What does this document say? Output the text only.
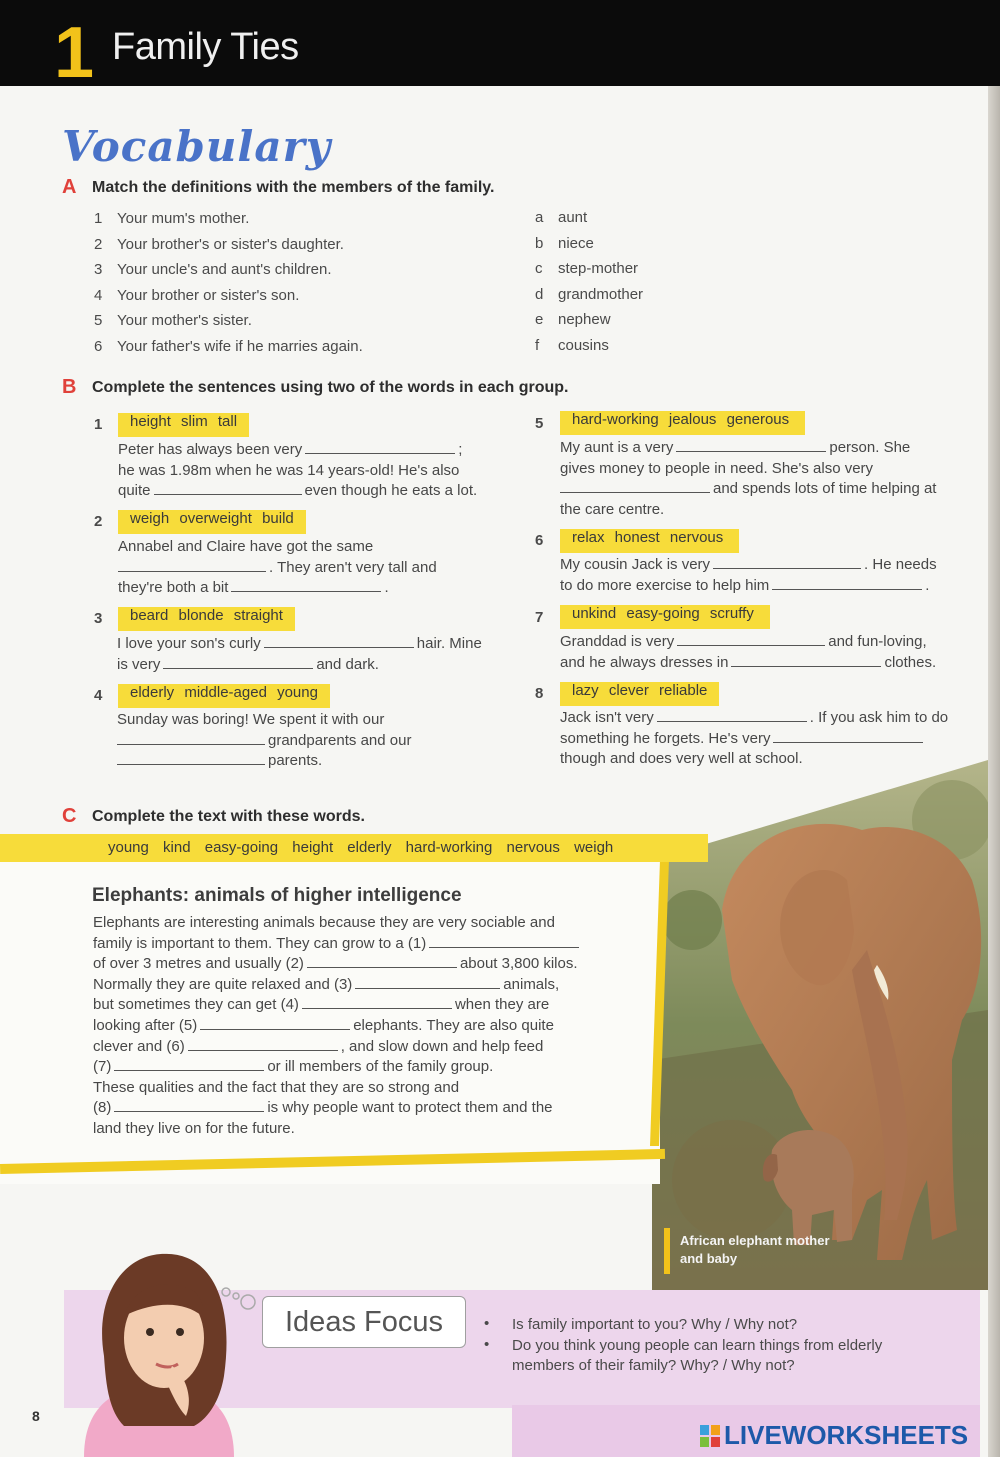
1 Family Ties
Vocabulary
A Match the definitions with the members of the family.
1 Your mum's mother.
2 Your brother's or sister's daughter.
3 Your uncle's and aunt's children.
4 Your brother or sister's son.
5 Your mother's sister.
6 Your father's wife if he marries again.
a aunt
b niece
c step-mother
d grandmother
e nephew
f cousins
B Complete the sentences using two of the words in each group.
1	height slim tall
Peter has always been very	;
he was 1.98m when he was 14 years-old! He's also
quite	even though he eats a lot.
2	weigh overweight build
Annabel and Claire have got the same
. They aren't very tall and
they're both a bit	.
3	beard blonde straight
I love your son's curly	hair. Mine
is very	and dark.
4	elderly middle-aged young
Sunday was boring! We spent it with our
grandparents and our
parents.
5	hard-working jealous generous
My aunt is a very	person. She
gives money to people in need. She's also very
and spends lots of time helping at
the care centre.
6	relax honest nervous
My cousin Jack is very	. He needs
to do more exercise to help him	.
7	unkind easy-going scruffy
Granddad is very	and fun-loving,
and he always dresses in	clothes.
8	lazy clever reliable
Jack isn't very	. If you ask him to do
something he forgets. He's very
though and does very well at school.
African elephant mother
and baby
C Complete the text with these words.
young kind easy-going height elderly hard-working nervous weigh
Elephants: animals of higher intelligence
Elephants are interesting animals because they are very sociable and
family is important to them. They can grow to a (1)
of over 3 metres and usually (2)	about 3,800 kilos.
Normally they are quite relaxed and (3)	animals,
but sometimes they can get (4)	when they are
looking after (5)	elephants. They are also quite
clever and (6)	, and slow down and help feed
(7)	or ill members of the family group.
These qualities and the fact that they are so strong and
(8)	is why people want to protect them and the
land they live on for the future.
Ideas Focus	• Is family important to you? Why / Why not?
• Do you think young people can learn things from elderly
members of their family? Why? / Why not?
8
LIVEWORKSHEETS
